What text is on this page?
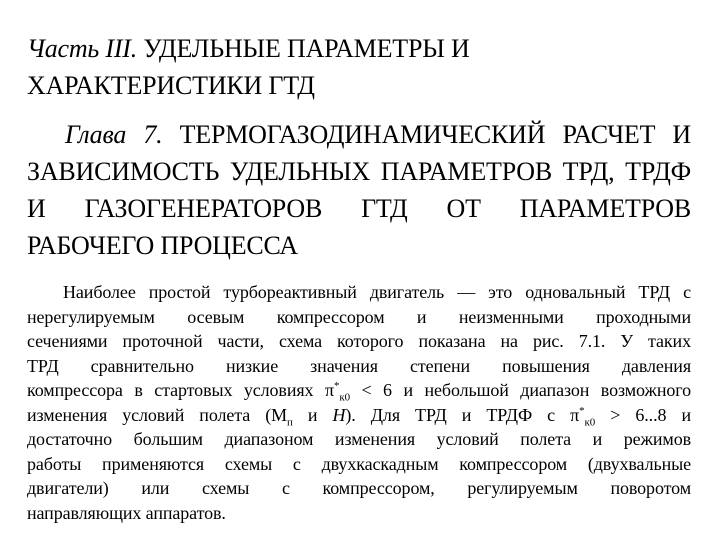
Часть III. УДЕЛЬНЫЕ ПАРАМЕТРЫ И
ХАРАКТЕРИСТИКИ ГТД

Глава 7. ТЕРМОГАЗОДИНАМИЧЕСКИЙ РАСЧЕТ И ЗАВИСИМОСТЬ УДЕЛЬНЫХ ПАРАМЕТРОВ ТРД, ТРДФ И ГАЗОГЕНЕРАТОРОВ ГТД ОТ ПАРАМЕТРОВ РАБОЧЕГО ПРОЦЕССА

Наиболее простой турбореактивный двигатель — это одновальный ТРД с
нерегулируемым осевым компрессором и неизменными проходными
сечениями проточной части, схема которого показана на рис. 7.1. У таких
ТРД сравнительно низкие значения степени повышения давления
компрессора в стартовых условиях $\pi^*_{к0} < 6$ и небольшой диапазон возможного
изменения условий полета ($М_п$ и Н). Для ТРД и ТРДФ с $\pi^*_{к0} > 6...8$ и
достаточно большим диапазоном изменения условий полета и режимов
работы применяются схемы с двухкаскадным компрессором (двухвальные
двигатели) или схемы с компрессором, регулируемым поворотом
направляющих аппаратов.
